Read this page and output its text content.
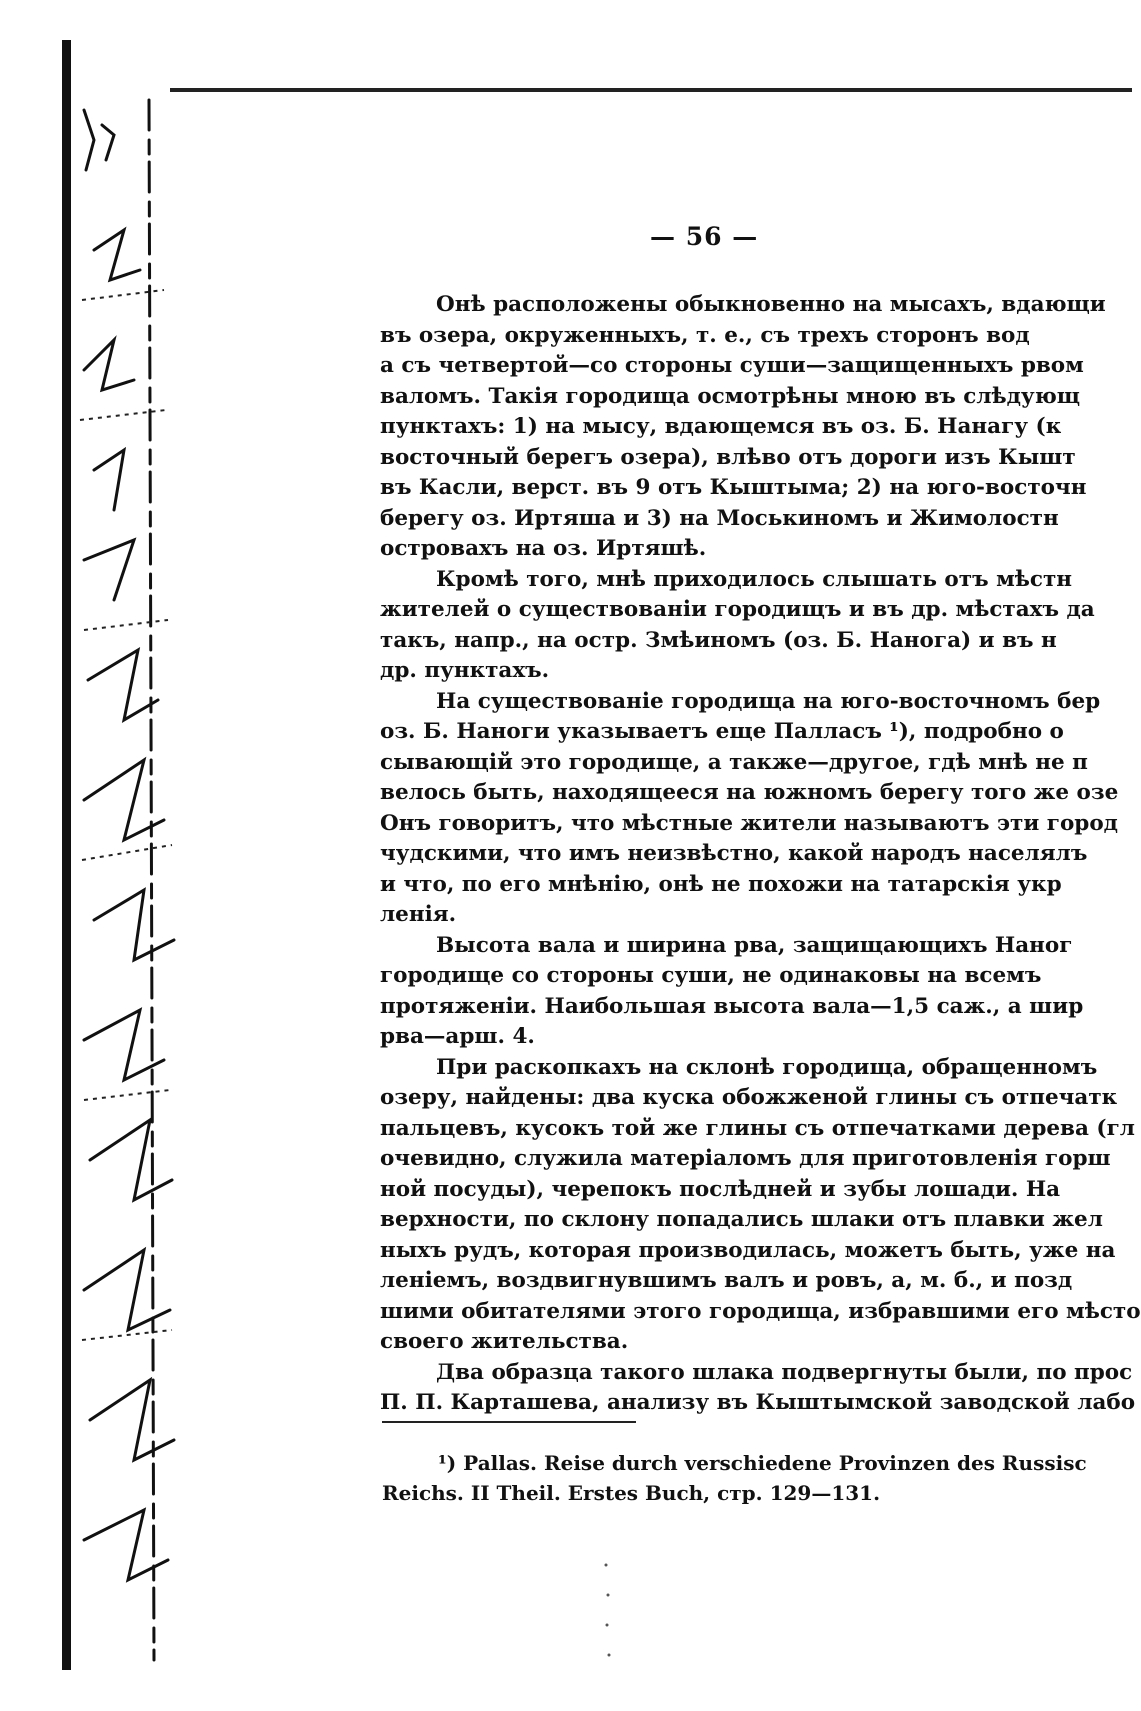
— 56 —
Онѣ расположены обыкновенно на мысахъ, вдающи
въ озера, окруженныхъ, т. е., съ трехъ сторонъ вод
а съ четвертой—со стороны суши—защищенныхъ рвом
валомъ. Такія городища осмотрѣны мною въ слѣдующ
пунктахъ: 1) на мысу, вдающемся въ оз. Б. Нанагу (к
восточный берегъ озера), влѣво отъ дороги изъ Кышт
въ Касли, верст. въ 9 отъ Кыштыма; 2) на юго-восточн
берегу оз. Иртяша и 3) на Моськиномъ и Жимолостн
островахъ на оз. Иртяшѣ.
Кромѣ того, мнѣ приходилось слышать отъ мѣстн
жителей о существованіи городищъ и въ др. мѣстахъ да
такъ, напр., на остр. Змѣиномъ (оз. Б. Нанога) и въ н
др. пунктахъ.
На существованіе городища на юго-восточномъ бер
оз. Б. Наноги указываетъ еще Палласъ ¹), подробно о
сывающій это городище, а также—другое, гдѣ мнѣ не п
велось быть, находящееся на южномъ берегу того же озе
Онъ говоритъ, что мѣстные жители называютъ эти город
чудскими, что имъ неизвѣстно, какой народъ населялъ
и что, по его мнѣнію, онѣ не похожи на татарскія укр
ленія.
Высота вала и ширина рва, защищающихъ Наног
городище со стороны суши, не одинаковы на всемъ
протяженіи. Наибольшая высота вала—1,5 саж., а шир
рва—арш. 4.
При раскопкахъ на склонѣ городища, обращенномъ
озеру, найдены: два куска обожженой глины съ отпечатк
пальцевъ, кусокъ той же глины съ отпечатками дерева (гл
очевидно, служила матеріаломъ для приготовленія горш
ной посуды), черепокъ послѣдней и зубы лошади. На
верхности, по склону попадались шлаки отъ плавки жел
ныхъ рудъ, которая производилась, можетъ быть, уже на
леніемъ, воздвигнувшимъ валъ и ровъ, а, м. б., и позд
шими обитателями этого городища, избравшими его мѣсто
своего жительства.
Два образца такого шлака подвергнуты были, по прос
П. П. Карташева, анализу въ Кыштымской заводской лабо
¹) Pallas. Reise durch verschiedene Provinzen des Russisc
Reichs. II Theil. Erstes Buch, стр. 129—131.
